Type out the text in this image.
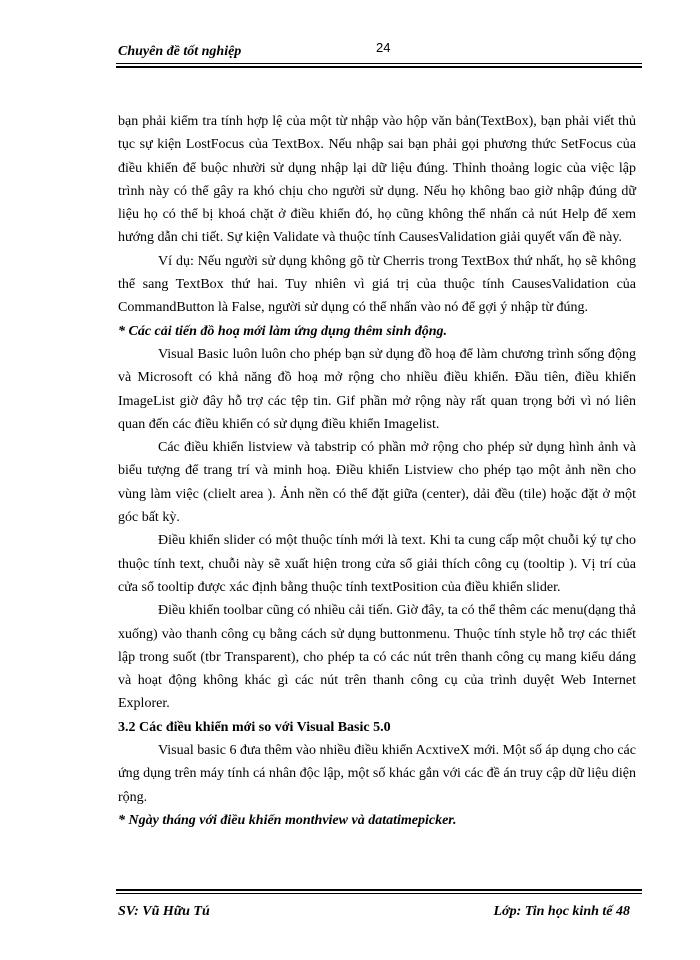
Chuyên đề tốt nghiệp	24

bạn phải kiểm tra tính hợp lệ của một từ nhập vào hộp văn bản(TextBox), bạn phải viết thủ tục sự kiện LostFocus của TextBox. Nếu nhập sai bạn phải gọi phương thức SetFocus của điều khiển để buộc nhười sử dụng nhập lại dữ liệu đúng. Thỉnh thoảng logic của việc lập trình này có thể gây ra khó chịu cho người sử dụng. Nếu họ không bao giờ nhập đúng dữ liệu họ có thể bị khoá chặt ở điều khiển đó, họ cũng không thể nhấn cả nút Help để xem hướng dẫn chi tiết. Sự kiện Validate và thuộc tính CausesValidation giải quyết vấn đề này.

Ví dụ: Nếu người sử dụng không gõ từ Cherris trong TextBox thứ nhất, họ sẽ không thể sang TextBox thứ hai. Tuy nhiên vì giá trị của thuộc tính CausesValidation của CommandButton là False, người sử dụng có thể nhấn vào nó để gợi ý nhập từ đúng.

* Các cải tiến đồ hoạ mới làm ứng dụng thêm sinh động.

Visual Basic luôn luôn cho phép bạn sử dụng đồ hoạ để làm chương trình sống động và Microsoft có khả năng đồ hoạ mở rộng cho nhiều điều khiển. Đầu tiên, điều khiển ImageList giờ đây hỗ trợ các tệp tin. Gif phần mở rộng này rất quan trọng bởi vì nó liên quan đến các điều khiển có sử dụng điều khiển Imagelist.

Các điều khiển listview và tabstrip có phần mở rộng cho phép sử dụng hình ảnh và biểu tượng để trang trí và minh hoạ. Điều khiển Listview cho phép tạo một ảnh nền cho vùng làm việc (clielt area ). Ảnh nền có thể đặt giữa (center), dải đều (tile) hoặc đặt ở một góc bất kỳ.

Điều khiển slider có một thuộc tính mới là text. Khi ta cung cấp một chuỗi ký tự cho thuộc tính text, chuỗi này sẽ xuất hiện trong cửa sổ giải thích công cụ (tooltip ). Vị trí của cửa sổ tooltip được xác định bằng thuộc tính textPosition của điều khiển slider.

Điều khiển toolbar cũng có nhiều cải tiến. Giờ đây, ta có thể thêm các menu(dạng thả xuống) vào thanh công cụ bằng cách sử dụng buttonmenu. Thuộc tính style hỗ trợ các thiết lập trong suốt (tbr Transparent), cho phép ta có các nút trên thanh công cụ mang kiểu dáng và hoạt động không khác gì các nút trên thanh công cụ của trình duyệt Web Internet Explorer.

3.2 Các điều khiển mới so với Visual Basic 5.0

Visual basic 6 đưa thêm vào nhiều điều khiển AcxtiveX mới. Một số áp dụng cho các ứng dụng trên máy tính cá nhân độc lập, một số khác gắn với các đề án truy cập dữ liệu diện rộng.

* Ngày tháng với điều khiển monthview và datatimepicker.

SV: Vũ Hữu Tú	Lớp: Tin học kinh tế 48
